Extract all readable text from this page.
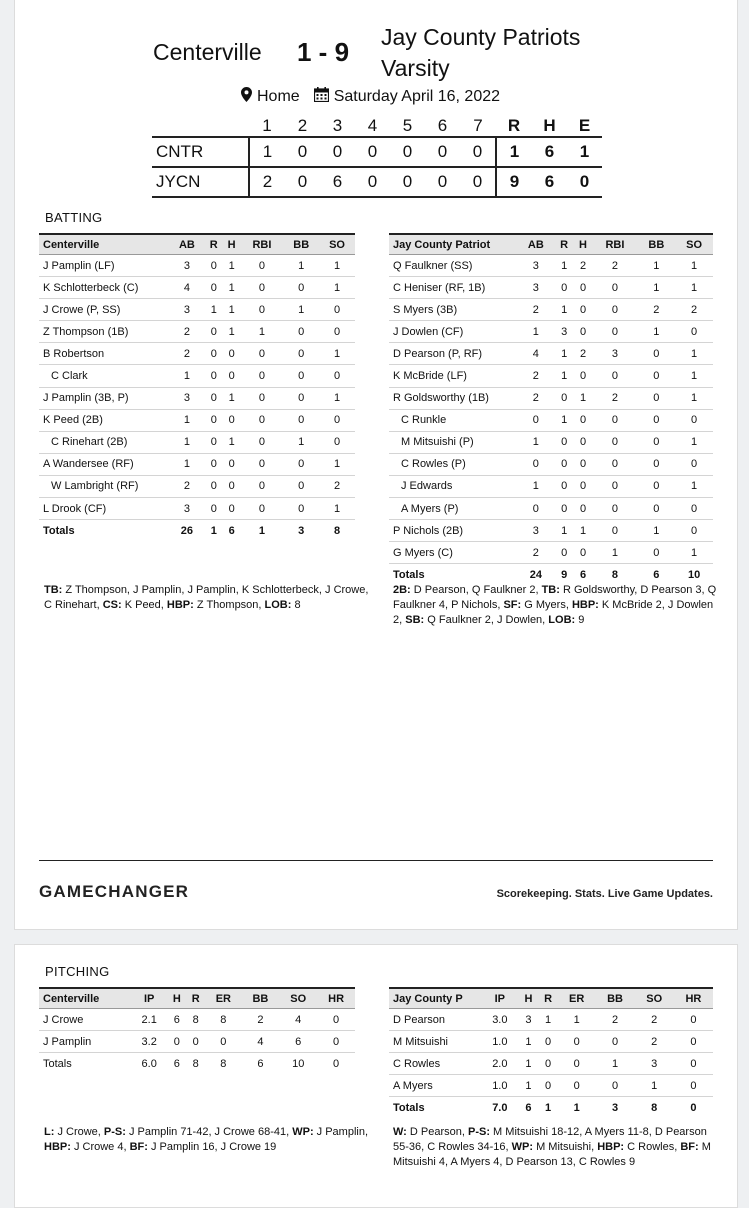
Centerville 1 - 9 Jay County Patriots
Varsity
Home Saturday April 16, 2022
	1	2	3	4	5	6	7	R	H	E
CNTR	1	0	0	0	0	0	0	1	6	1
JYCN	2	0	6	0	0	0	0	9	6	0
BATTING
Centerville	AB	R	H	RBI	BB	SO
J Pamplin (LF)	3	0	1	0	1	1
K Schlotterbeck (C)	4	0	1	0	0	1
J Crowe (P, SS)	3	1	1	0	1	0
Z Thompson (1B)	2	0	1	1	0	0
B Robertson	2	0	0	0	0	1
C Clark	1	0	0	0	0	0
J Pamplin (3B, P)	3	0	1	0	0	1
K Peed (2B)	1	0	0	0	0	0
C Rinehart (2B)	1	0	1	0	1	0
A Wandersee (RF)	1	0	0	0	0	1
W Lambright (RF)	2	0	0	0	0	2
L Drook (CF)	3	0	0	0	0	1
Totals	26	1	6	1	3	8
Jay County Patriot	AB	R	H	RBI	BB	SO
Q Faulkner (SS)	3	1	2	2	1	1
C Heniser (RF, 1B)	3	0	0	0	1	1
S Myers (3B)	2	1	0	0	2	2
J Dowlen (CF)	1	3	0	0	1	0
D Pearson (P, RF)	4	1	2	3	0	1
K McBride (LF)	2	1	0	0	0	1
R Goldsworthy (1B)	2	0	1	2	0	1
C Runkle	0	1	0	0	0	0
M Mitsuishi (P)	1	0	0	0	0	1
C Rowles (P)	0	0	0	0	0	0
J Edwards	1	0	0	0	0	1
A Myers (P)	0	0	0	0	0	0
P Nichols (2B)	3	1	1	0	1	0
G Myers (C)	2	0	0	1	0	1
Totals	24	9	6	8	6	10
TB: Z Thompson, J Pamplin, J Pamplin, K Schlotterbeck, J Crowe, C Rinehart, CS: K Peed, HBP: Z Thompson, LOB: 8
2B: D Pearson, Q Faulkner 2, TB: R Goldsworthy, D Pearson 3, Q Faulkner 4, P Nichols, SF: G Myers, HBP: K McBride 2, J Dowlen 2, SB: Q Faulkner 2, J Dowlen, LOB: 9
GAMECHANGER	Scorekeeping. Stats. Live Game Updates.
PITCHING
Centerville	IP	H	R	ER	BB	SO	HR
J Crowe	2.1	6	8	8	2	4	0
J Pamplin	3.2	0	0	0	4	6	0
Totals	6.0	6	8	8	6	10	0
Jay County P	IP	H	R	ER	BB	SO	HR
D Pearson	3.0	3	1	1	2	2	0
M Mitsuishi	1.0	1	0	0	0	2	0
C Rowles	2.0	1	0	0	1	3	0
A Myers	1.0	1	0	0	0	1	0
Totals	7.0	6	1	1	3	8	0
L: J Crowe, P-S: J Pamplin 71-42, J Crowe 68-41, WP: J Pamplin, HBP: J Crowe 4, BF: J Pamplin 16, J Crowe 19
W: D Pearson, P-S: M Mitsuishi 18-12, A Myers 11-8, D Pearson 55-36, C Rowles 34-16, WP: M Mitsuishi, HBP: C Rowles, BF: M Mitsuishi 4, A Myers 4, D Pearson 13, C Rowles 9
